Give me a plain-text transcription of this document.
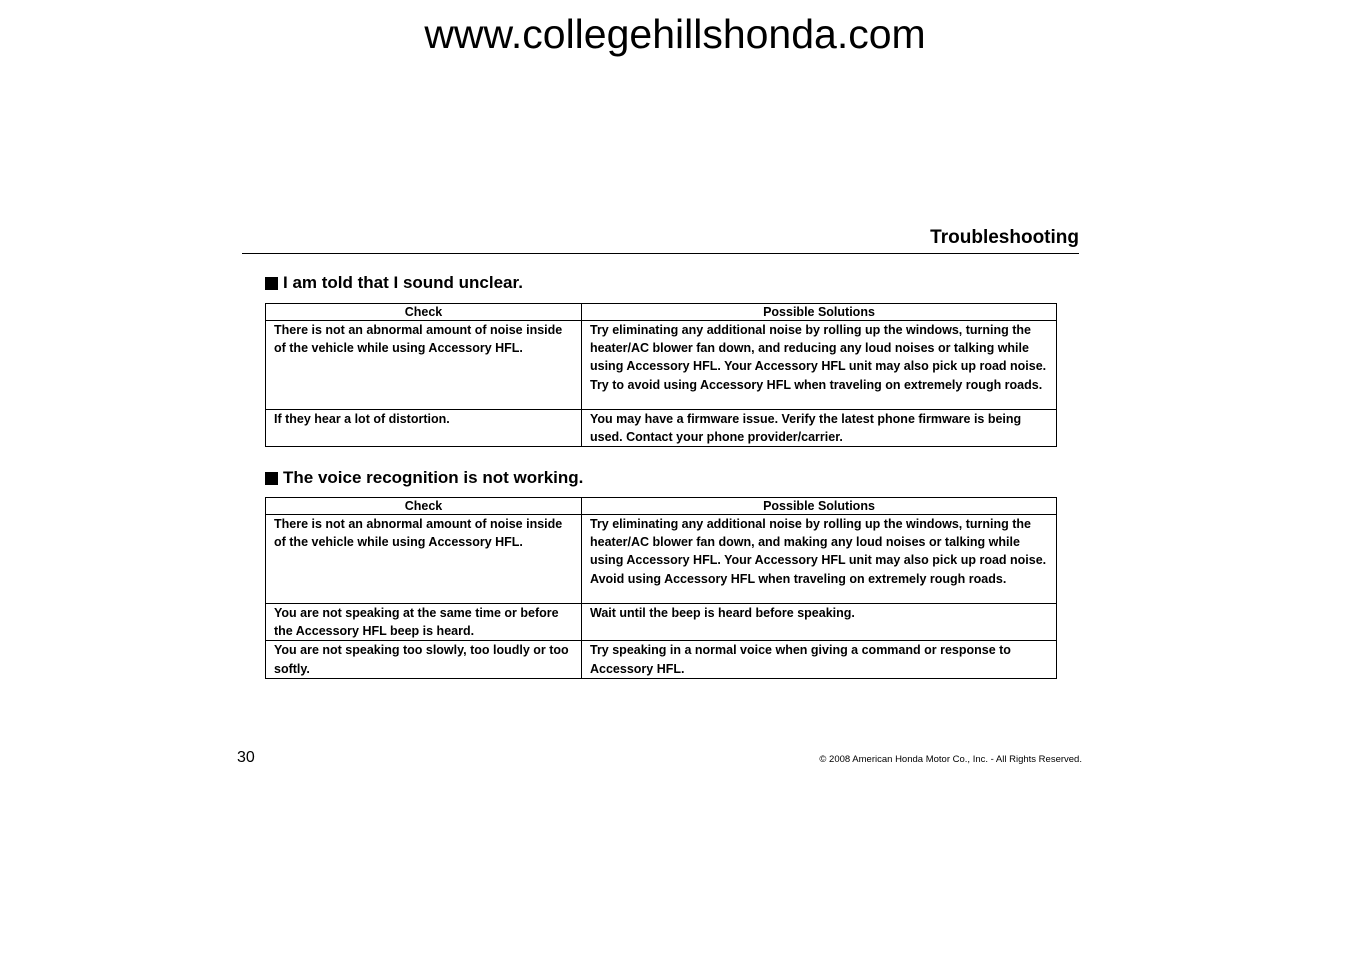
www.collegehillshonda.com
Troubleshooting
I am told that I sound unclear.
Check	Possible Solutions
There is not an abnormal amount of noise inside of the vehicle while using Accessory HFL.	Try eliminating any additional noise by rolling up the windows, turning the heater/AC blower fan down, and reducing any loud noises or talking while using Accessory HFL. Your Accessory HFL unit may also pick up road noise. Try to avoid using Accessory HFL when traveling on extremely rough roads.
If they hear a lot of distortion.	You may have a firmware issue. Verify the latest phone firmware is being used. Contact your phone provider/carrier.
The voice recognition is not working.
Check	Possible Solutions
There is not an abnormal amount of noise inside of the vehicle while using Accessory HFL.	Try eliminating any additional noise by rolling up the windows, turning the heater/AC blower fan down, and making any loud noises or talking while using Accessory HFL. Your Accessory HFL unit may also pick up road noise. Avoid using Accessory HFL when traveling on extremely rough roads.
You are not speaking at the same time or before the Accessory HFL beep is heard.	Wait until the beep is heard before speaking.
You are not speaking too slowly, too loudly or too softly.	Try speaking in a normal voice when giving a command or response to Accessory HFL.
30	© 2008 American Honda Motor Co., Inc. - All Rights Reserved.
